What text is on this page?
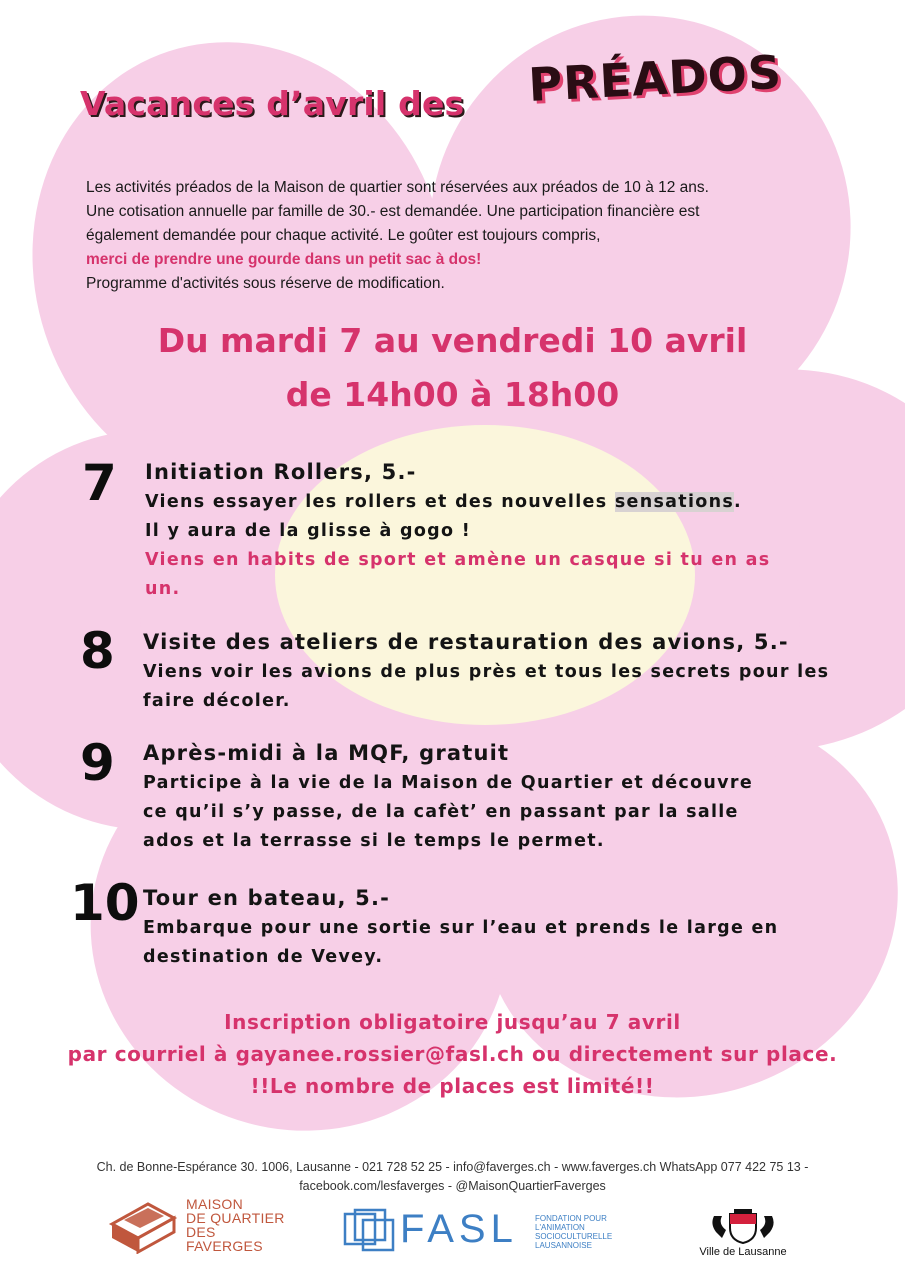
Vacances d’avril des PRÉADOS

Les activités préados de la Maison de quartier sont réservées aux préados de 10 à 12 ans.

Une cotisation annuelle par famille de 30.- est demandée. Une participation financière est

également demandée pour chaque activité. Le goûter est toujours compris,

merci de prendre une gourde dans un petit sac à dos!

Programme d'activités sous réserve de modification.

Du mardi 7 au vendredi 10 avril
de 14h00 à 18h00
7 Initiation Rollers, 5.-
Viens essayer les rollers et des nouvelles sensations.
Il y aura de la glisse à gogo !
Viens en habits de sport et amène un casque si tu en as
un.
8 Visite des ateliers de restauration des avions, 5.-
Viens voir les avions de plus près et tous les secrets pour les
faire décoler.
9 Après-midi à la MQF, gratuit
Participe à la vie de la Maison de Quartier et découvre
ce qu’il s’y passe, de la cafèt’ en passant par la salle
ados et la terrasse si le temps le permet.
10 Tour en bateau, 5.-
Embarque pour une sortie sur l’eau et prends le large en
destination de Vevey.
Inscription obligatoire jusqu’au 7 avril
par courriel à gayanee.rossier@fasl.ch ou directement sur place.
!!Le nombre de places est limité!!
Ch. de Bonne-Espérance 30. 1006, Lausanne - 021 728 52 25 - info@faverges.ch - www.faverges.ch WhatsApp 077 422 75 13 -
facebook.com/lesfaverges - @MaisonQuartierFaverges
MAISON
DE QUARTIER
DES
FAVERGES	FASL FONDATION POUR
L'ANIMATION
SOCIOCULTURELLE
LAUSANNOISE
Ville de Lausanne
